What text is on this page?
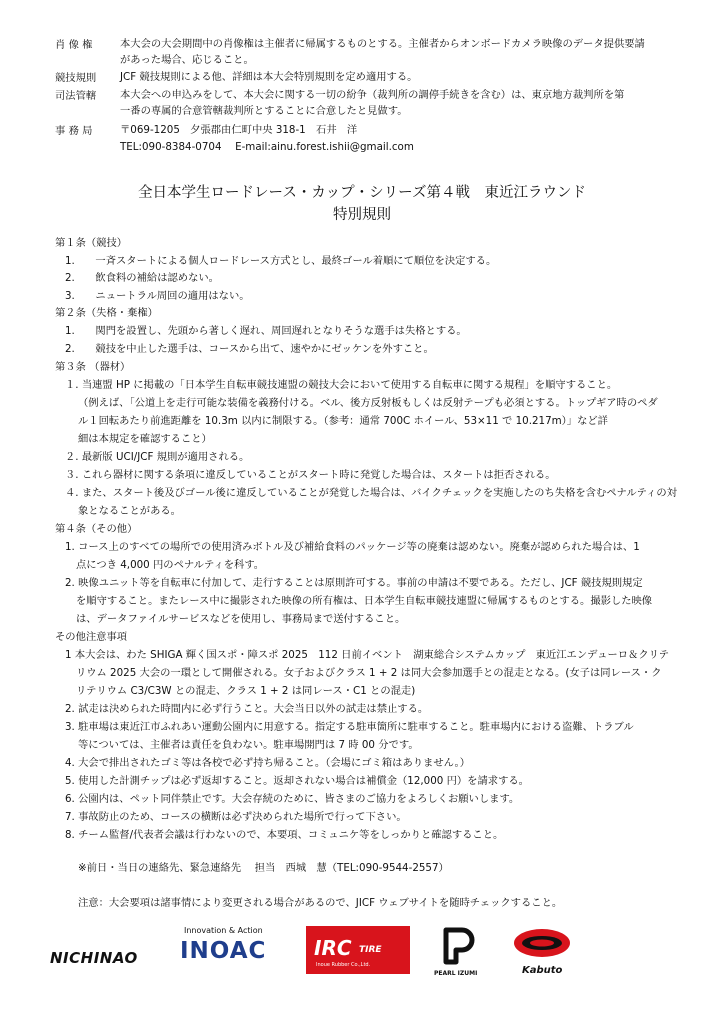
肖 像 権	本大会の大会期間中の肖像権は主催者に帰属するものとする。主催者からオンボードカメラ映像のデータ提供要請
があった場合、応じること。
競技規則	JCF 競技規則による他、詳細は本大会特別規則を定め適用する。
司法管轄	本大会への申込みをして、本大会に関する一切の紛争（裁判所の調停手続きを含む）は、東京地方裁判所を第
一番の専属的合意管轄裁判所とすることに合意したと見做す。
事 務 局	〒069-1205　夕張郡由仁町中央 318-1　石井　洋
TEL:090-8384-0704　 E-mail:ainu.forest.ishii@gmail.com
全日本学生ロードレース・カップ・シリーズ第４戦　東近江ラウンド
特別規則
第１条（競技）
1.　　一斉スタートによる個人ロードレース方式とし、最終ゴール着順にて順位を決定する。
2.　　飲食料の補給は認めない。
3.　　ニュートラル周回の適用はない。
第２条（失格・棄権）
1.　　関門を設置し、先頭から著しく遅れ、周回遅れとなりそうな選手は失格とする。
2.　　競技を中止した選手は、コースから出て、速やかにゼッケンを外すこと。
第３条 （器材）
１. 当連盟 HP に掲載の「日本学生自転車競技連盟の競技大会において使用する自転車に関する規程」を順守すること。
（例えば、「公道上を走行可能な装備を義務付ける。ベル、後方反射板もしくは反射テープも必須とする。トップギア時のペダ
ル１回転あたり前進距離を 10.3m 以内に制限する。（参考：通常 700C ホイール、53×11 で 10.217m）」など詳
細は本規定を確認すること）
２. 最新版 UCI/JCF 規則が適用される。
３. これら器材に関する条項に違反していることがスタート時に発覚した場合は、スタートは拒否される。
４. また、スタート後及びゴール後に違反していることが発覚した場合は、バイクチェックを実施したのち失格を含むペナルティの対
象となることがある。
第４条（その他）
1. コース上のすべての場所での使用済みボトル及び補給食料のパッケージ等の廃棄は認めない。廃棄が認められた場合は、1
点につき 4,000 円のペナルティを科す。
2. 映像ユニット等を自転車に付加して、走行することは原則許可する。事前の申請は不要である。ただし、JCF 競技規則規定
を順守すること。またレース中に撮影された映像の所有権は、日本学生自転車競技連盟に帰属するものとする。撮影した映像
は、データファイルサービスなどを使用し、事務局まで送付すること。
その他注意事項
1 本大会は、わた SHIGA 輝く国スポ・障スポ 2025　112 日前イベント　湖東総合システムカップ　東近江エンデューロ＆クリテ
リウム 2025 大会の一環として開催される。女子およびクラス 1 + 2 は同大会参加選手との混走となる。(女子は同レース・ク
リテリウム C3/C3W との混走、クラス 1 + 2 は同レース・C1 との混走)
2. 試走は決められた時間内に必ず行うこと。大会当日以外の試走は禁止する。
3. 駐車場は東近江市ふれあい運動公園内に用意する。指定する駐車箇所に駐車すること。駐車場内における盗難、トラブル
等については、主催者は責任を負わない。駐車場開門は 7 時 00 分です。
4. 大会で排出されたゴミ等は各校で必ず持ち帰ること。（会場にゴミ箱はありません。）
5. 使用した計測チップは必ず返却すること。返却されない場合は補償金（12,000 円）を請求する。
6. 公園内は、ペット同伴禁止です。大会存続のために、皆さまのご協力をよろしくお願いします。
7. 事故防止のため、コースの横断は必ず決められた場所で行って下さい。
8. チーム監督/代表者会議は行わないので、本要項、コミュニケ等をしっかりと確認すること。
※前日・当日の連絡先、緊急連絡先　 担当　西城　慧（TEL:090-9544-2557）
注意：大会要項は諸事情により変更される場合があるので、JICF ウェブサイトを随時チェックすること。
NICHINAO
Innovation & Action
INOAC IRC TIRE
Inoue Rubber Co.,Ltd.
PEARL IZUMI	Kabuto
